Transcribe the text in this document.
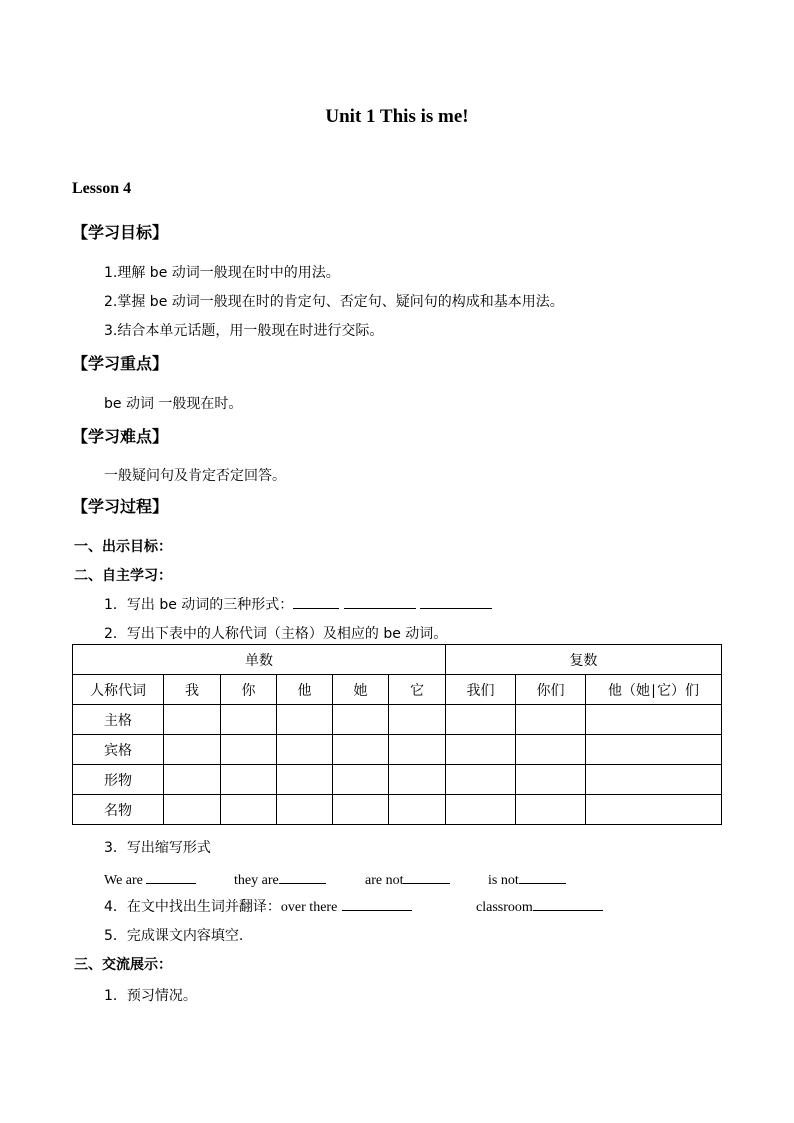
Unit 1 This is me!
Lesson 4
【学习目标】
1.理解 be 动词一般现在时中的用法。
2.掌握 be 动词一般现在时的肯定句、否定句、疑问句的构成和基本用法。
3.结合本单元话题，用一般现在时进行交际。
【学习重点】
be 动词 一般现在时。
【学习难点】
一般疑问句及肯定否定回答。
【学习过程】
一、出示目标：
二、自主学习：
1．写出 be 动词的三种形式：
2．写出下表中的人称代词（主格）及相应的 be 动词。
单数						复数		
人称代词	我	你	他	她	它	我们	你们	他（她∣它）们
主格								
宾格								
形物								
名物								
3．写出缩写形式
We are	they are	are not	is not
4．在文中找出生词并翻译：over there	classroom
5．完成课文内容填空.
三、交流展示：
1．预习情况。
